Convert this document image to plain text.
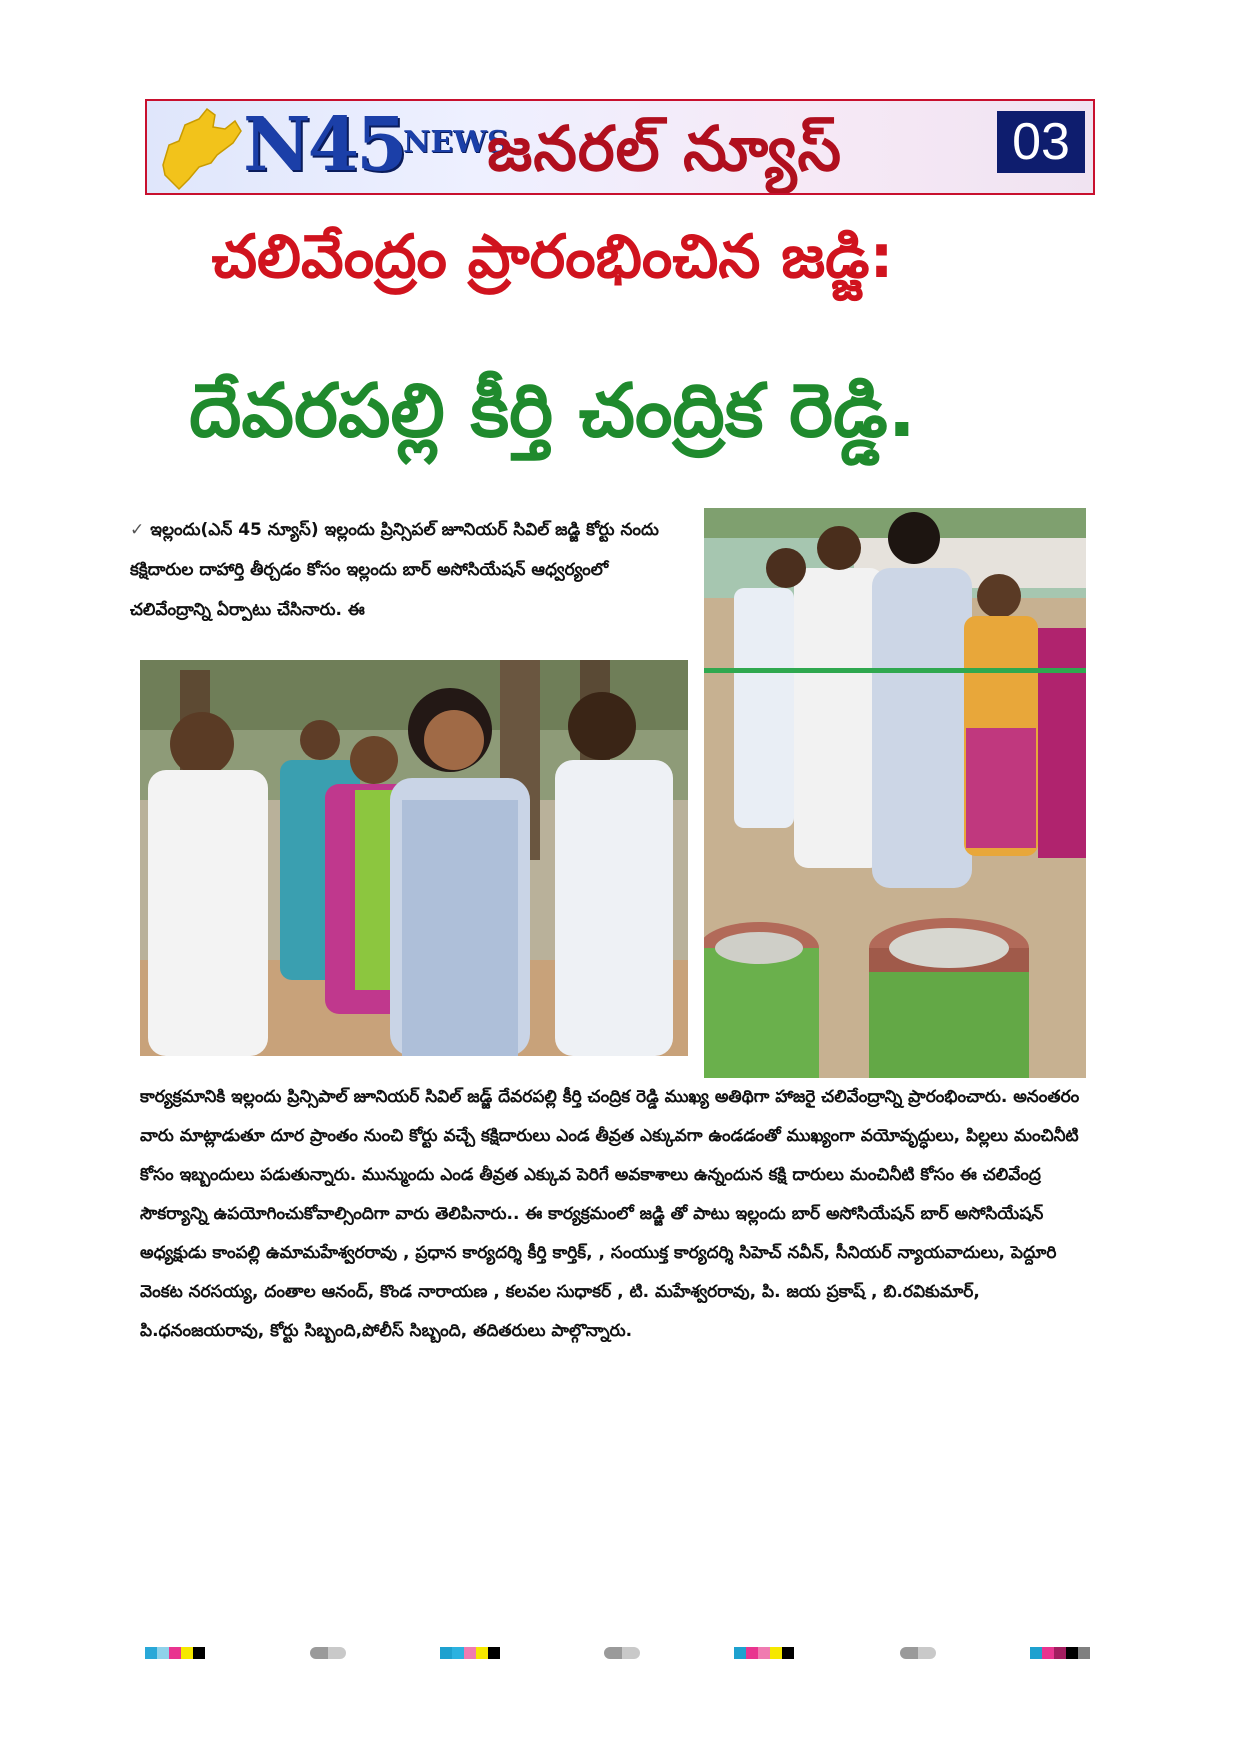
N45
NEWS
జనరల్ న్యూస్	03
చలివేంద్రం ప్రారంభించిన జడ్జి:
దేవరపల్లి కీర్తి చంద్రిక రెడ్డి.
✓ ఇల్లందు(ఎన్ 45 న్యూస్) ఇల్లందు ప్రిన్సిపల్ జూనియర్ సివిల్ జడ్జి కోర్టు నందు కక్షిదారుల దాహార్తి తీర్చడం కోసం ఇల్లందు బార్ అసోసియేషన్ ఆధ్వర్యంలో చలివేంద్రాన్ని ఏర్పాటు చేసినారు. ఈ
కార్యక్రమానికి ఇల్లందు ప్రిన్సిపాల్ జూనియర్ సివిల్ జడ్జ్ దేవరపల్లి కీర్తి చంద్రిక రెడ్డి ముఖ్య అతిథిగా హాజరై చలివేంద్రాన్ని ప్రారంభించారు. అనంతరం వారు మాట్లాడుతూ దూర ప్రాంతం నుంచి కోర్టు వచ్చే కక్షిదారులు ఎండ తీవ్రత ఎక్కువగా ఉండడంతో ముఖ్యంగా వయోవృద్ధులు, పిల్లలు మంచినీటి కోసం ఇబ్బందులు పడుతున్నారు. మున్ముందు ఎండ తీవ్రత ఎక్కువ పెరిగే అవకాశాలు ఉన్నందున కక్షి దారులు మంచినీటి కోసం ఈ చలివేంద్ర సౌకర్యాన్ని ఉపయోగించుకోవాల్సిందిగా వారు తెలిపినారు.. ఈ కార్యక్రమంలో జడ్జి తో పాటు ఇల్లందు బార్ అసోసియేషన్ బార్ అసోసియేషన్ అధ్యక్షుడు కాంపల్లి ఉమామహేశ్వరరావు , ప్రధాన కార్యదర్శి కీర్తి కార్తిక్, , సంయుక్త కార్యదర్శి సిహెచ్ నవీన్, సీనియర్ న్యాయవాదులు, పెద్దూరి వెంకట నరసయ్య, దంతాల ఆనంద్, కొండ నారాయణ , కలవల సుధాకర్ , టి. మహేశ్వరరావు, పి. జయ ప్రకాష్ , బి.రవికుమార్, పి.ధనంజయరావు, కోర్టు సిబ్బంది,పోలీస్ సిబ్బంది, తదితరులు పాల్గొన్నారు.
